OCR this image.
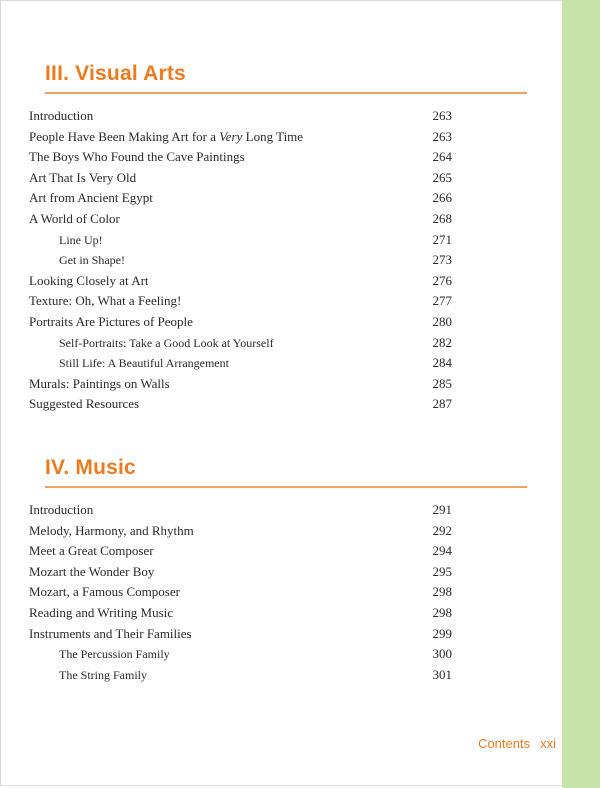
III. Visual Arts
Introduction	263
People Have Been Making Art for a Very Long Time	263
The Boys Who Found the Cave Paintings	264
Art That Is Very Old	265
Art from Ancient Egypt	266
A World of Color	268
Line Up!	271
Get in Shape!	273
Looking Closely at Art	276
Texture: Oh, What a Feeling!	277
Portraits Are Pictures of People	280
Self-Portraits: Take a Good Look at Yourself	282
Still Life: A Beautiful Arrangement	284
Murals: Paintings on Walls	285
Suggested Resources	287
IV. Music
Introduction	291
Melody, Harmony, and Rhythm	292
Meet a Great Composer	294
Mozart the Wonder Boy	295
Mozart, a Famous Composer	298
Reading and Writing Music	298
Instruments and Their Families	299
The Percussion Family	300
The String Family	301
Contents xxi
